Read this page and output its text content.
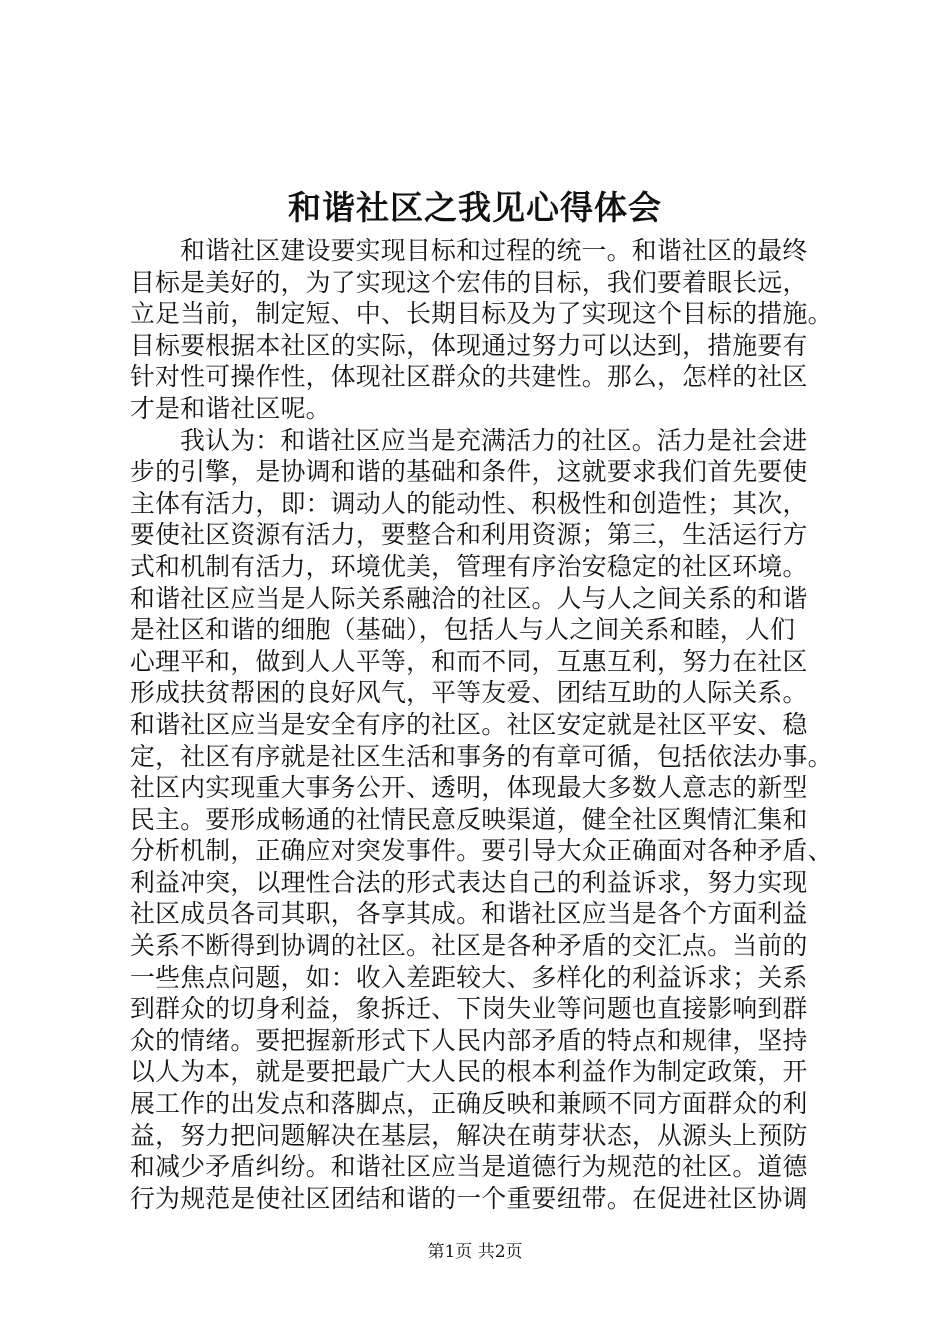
和谐社区之我见心得体会
和谐社区建设要实现目标和过程的统一。和谐社区的最终
目标是美好的，为了实现这个宏伟的目标，我们要着眼长远，
立足当前，制定短、中、长期目标及为了实现这个目标的措施。
目标要根据本社区的实际，体现通过努力可以达到，措施要有
针对性可操作性，体现社区群众的共建性。那么，怎样的社区
才是和谐社区呢。
我认为：和谐社区应当是充满活力的社区。活力是社会进
步的引擎，是协调和谐的基础和条件，这就要求我们首先要使
主体有活力，即：调动人的能动性、积极性和创造性；其次，
要使社区资源有活力，要整合和利用资源；第三，生活运行方
式和机制有活力，环境优美，管理有序治安稳定的社区环境。
和谐社区应当是人际关系融洽的社区。人与人之间关系的和谐
是社区和谐的细胞（基础），包括人与人之间关系和睦，人们
心理平和，做到人人平等，和而不同，互惠互利，努力在社区
形成扶贫帮困的良好风气，平等友爱、团结互助的人际关系。
和谐社区应当是安全有序的社区。社区安定就是社区平安、稳
定，社区有序就是社区生活和事务的有章可循，包括依法办事。
社区内实现重大事务公开、透明，体现最大多数人意志的新型
民主。要形成畅通的社情民意反映渠道，健全社区舆情汇集和
分析机制，正确应对突发事件。要引导大众正确面对各种矛盾、
利益冲突，以理性合法的形式表达自己的利益诉求，努力实现
社区成员各司其职，各享其成。和谐社区应当是各个方面利益
关系不断得到协调的社区。社区是各种矛盾的交汇点。当前的
一些焦点问题，如：收入差距较大、多样化的利益诉求；关系
到群众的切身利益，象拆迁、下岗失业等问题也直接影响到群
众的情绪。要把握新形式下人民内部矛盾的特点和规律，坚持
以人为本，就是要把最广大人民的根本利益作为制定政策，开
展工作的出发点和落脚点，正确反映和兼顾不同方面群众的利
益，努力把问题解决在基层，解决在萌芽状态，从源头上预防
和减少矛盾纠纷。和谐社区应当是道德行为规范的社区。道德
行为规范是使社区团结和谐的一个重要纽带。在促进社区协调
第1页 共2页
